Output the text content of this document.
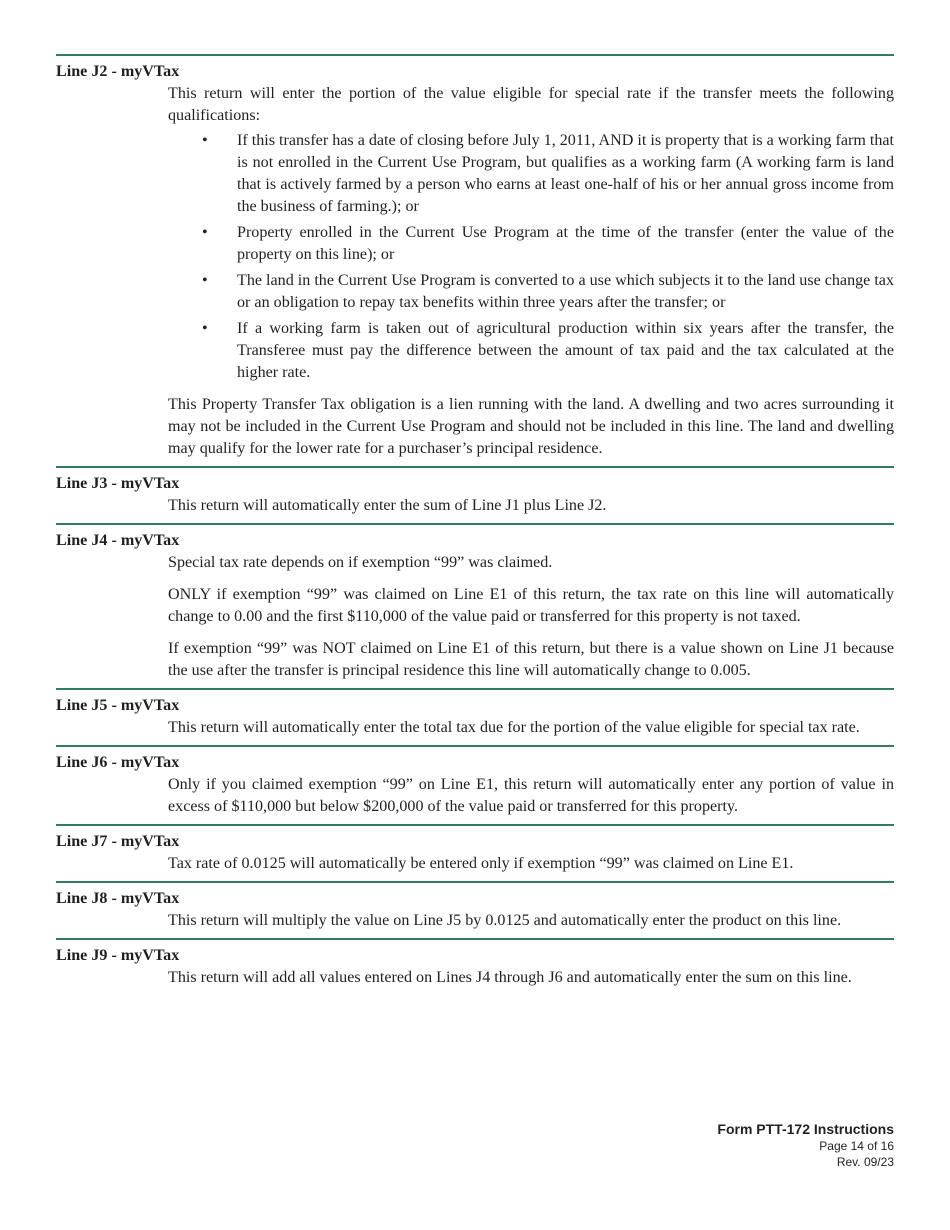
Line J2 - myVTax

This return will enter the portion of the value eligible for special rate if the transfer meets the following qualifications:

• If this transfer has a date of closing before July 1, 2011, AND it is property that is a working farm that is not enrolled in the Current Use Program, but qualifies as a working farm (A working farm is land that is actively farmed by a person who earns at least one-half of his or her annual gross income from the business of farming.); or
• Property enrolled in the Current Use Program at the time of the transfer (enter the value of the property on this line); or
• The land in the Current Use Program is converted to a use which subjects it to the land use change tax or an obligation to repay tax benefits within three years after the transfer; or
• If a working farm is taken out of agricultural production within six years after the transfer, the Transferee must pay the difference between the amount of tax paid and the tax calculated at the higher rate.

This Property Transfer Tax obligation is a lien running with the land. A dwelling and two acres surrounding it may not be included in the Current Use Program and should not be included in this line. The land and dwelling may qualify for the lower rate for a purchaser’s principal residence.

Line J3 - myVTax

This return will automatically enter the sum of Line J1 plus Line J2.

Line J4 - myVTax

Special tax rate depends on if exemption “99” was claimed.

ONLY if exemption “99” was claimed on Line E1 of this return, the tax rate on this line will automatically change to 0.00 and the first $110,000 of the value paid or transferred for this property is not taxed.

If exemption “99” was NOT claimed on Line E1 of this return, but there is a value shown on Line J1 because the use after the transfer is principal residence this line will automatically change to 0.005.

Line J5 - myVTax

This return will automatically enter the total tax due for the portion of the value eligible for special tax rate.

Line J6 - myVTax

Only if you claimed exemption “99” on Line E1, this return will automatically enter any portion of value in excess of $110,000 but below $200,000 of the value paid or transferred for this property.

Line J7 - myVTax

Tax rate of 0.0125 will automatically be entered only if exemption “99” was claimed on Line E1.

Line J8 - myVTax

This return will multiply the value on Line J5 by 0.0125 and automatically enter the product on this line.

Line J9 - myVTax

This return will add all values entered on Lines J4 through J6 and automatically enter the sum on this line.

Form PTT-172 Instructions
Page 14 of 16
Rev. 09/23
